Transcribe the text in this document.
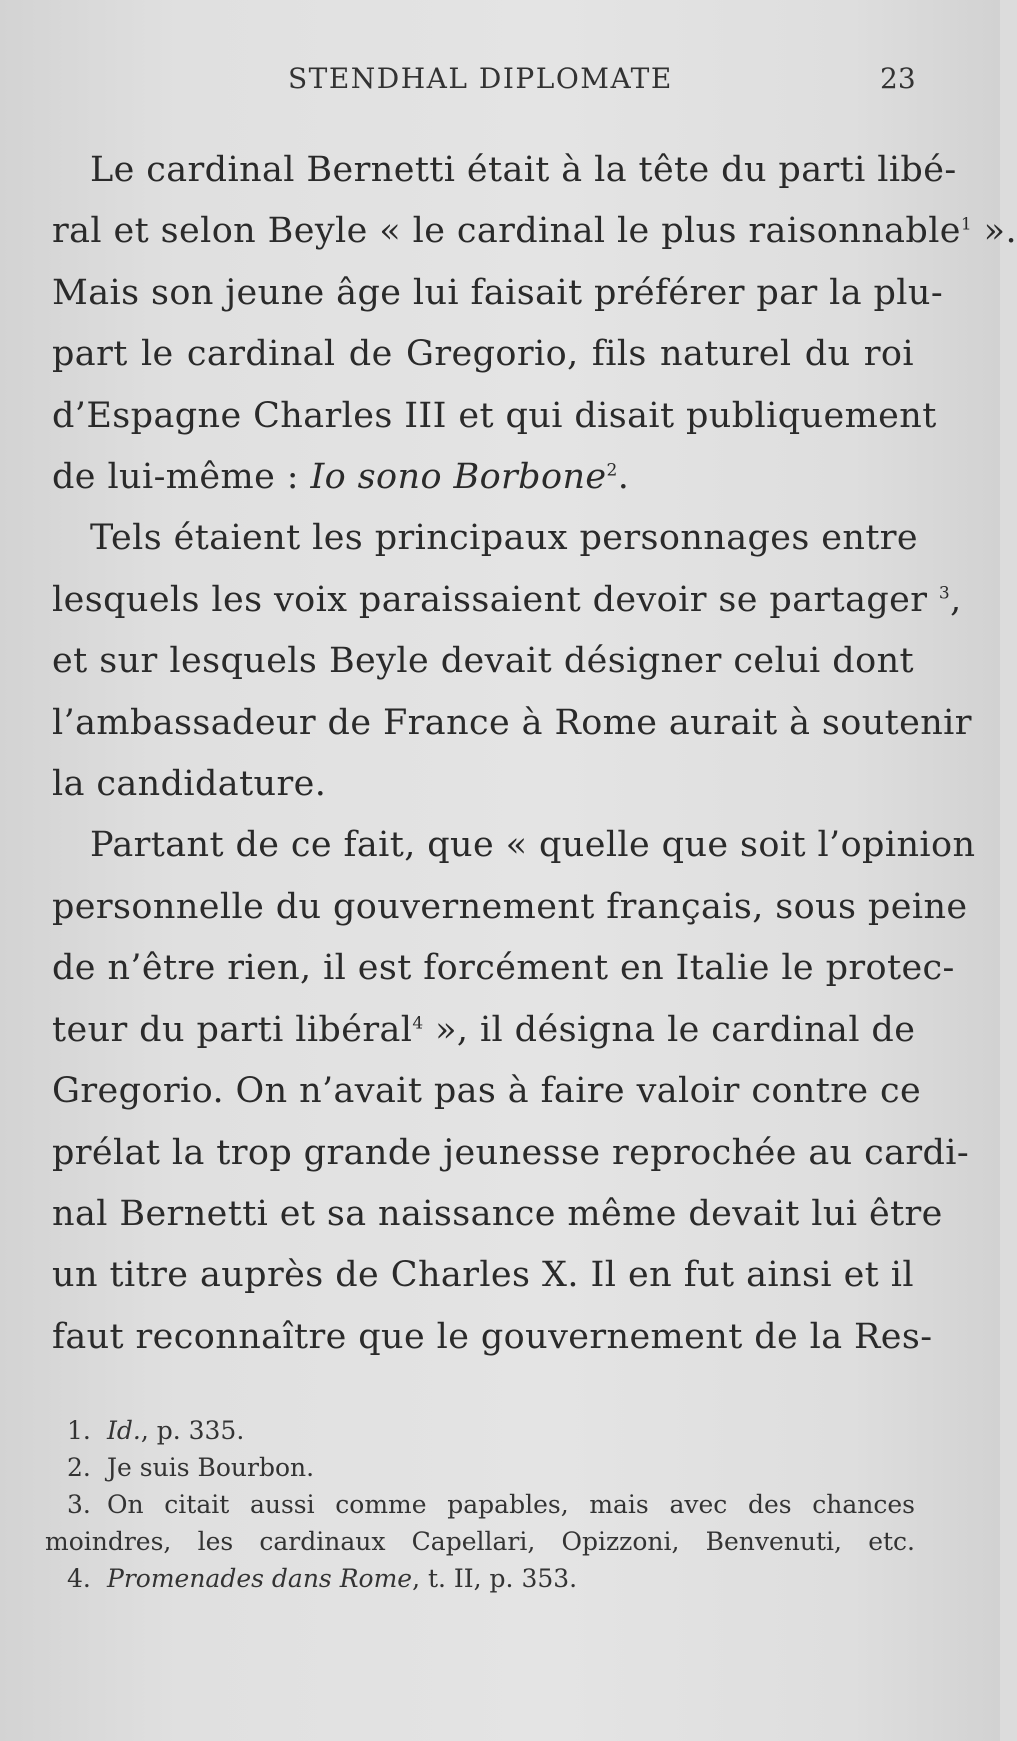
STENDHAL DIPLOMATE	23
Le cardinal Bernetti était à la tête du parti libé-
ral et selon Beyle « le cardinal le plus raisonnable$^1$ ».
Mais son jeune âge lui faisait préférer par la plu-
part le cardinal de Gregorio, fils naturel du roi
d’Espagne Charles III et qui disait publiquement
de lui-même : Io sono Borbone$^2$.
Tels étaient les principaux personnages entre
lesquels les voix paraissaient devoir se partager $^3$,
et sur lesquels Beyle devait désigner celui dont
l’ambassadeur de France à Rome aurait à soutenir
la candidature.
Partant de ce fait, que « quelle que soit l’opinion
personnelle du gouvernement français, sous peine
de n’être rien, il est forcément en Italie le protec-
teur du parti libéral$^4$ », il désigna le cardinal de
Gregorio. On n’avait pas à faire valoir contre ce
prélat la trop grande jeunesse reprochée au cardi-
nal Bernetti et sa naissance même devait lui être
un titre auprès de Charles X. Il en fut ainsi et il
faut reconnaître que le gouvernement de la Res-
1. Id., p. 335.
2. Je suis Bourbon.
3. On citait aussi comme papables, mais avec des chances
moindres, les cardinaux Capellari, Opizzoni, Benvenuti, etc.
4. Promenades dans Rome, t. II, p. 353.
